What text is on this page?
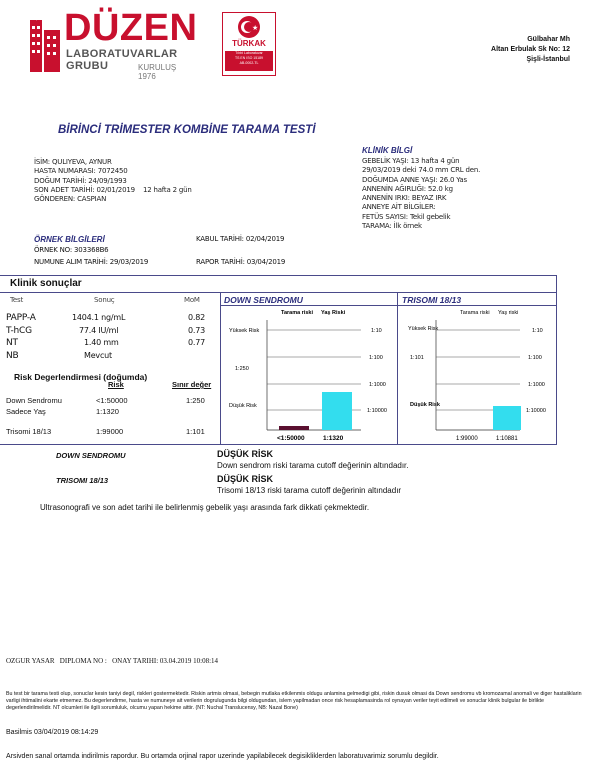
✦ DÜZEN
LABORATUVARLAR GRUBU	KURULUŞ 1976
★
TÜRKAK
Tıbbi Laboratuvar
TS EN ISO 15189
AB-0002-TL
Gülbahar Mh
Altan Erbulak Sk No: 12
Şişli-İstanbul
BİRİNCİ TRİMESTER KOMBİNE TARAMA TESTİ
İSİM: QULIYEVA, AYNUR
HASTA NUMARASI: 7072450
DOĞUM TARİHİ: 24/09/1993
SON ADET TARİHİ: 02/01/2019 12 hafta 2 gün
GÖNDEREN: CASPIAN
KLİNİK BİLGİ
GEBELİK YAŞI: 13 hafta 4 gün
29/03/2019 deki 74.0 mm CRL den.
DOĞUMDA ANNE YAŞI: 26.0 Yas
ANNENİN AĞIRLIĞI: 52.0 kg
ANNENİN IRKI: BEYAZ IRK
ANNEYE AİT BİLGİLER:
FETÜS SAYISI: Tekil gebelik
TARAMA: İlk örnek
ÖRNEK BİLGİLERİ
ÖRNEK NO: 303368B6
NUMUNE ALIM TARİHİ: 29/03/2019
KABUL TARİHİ: 02/04/2019
RAPOR TARİHİ: 03/04/2019
Klinik sonuçlar
Test	Sonuç	MoM
PAPP-A	1404.1 ng/mL	0.82
T-hCG	77.4 IU/ml	0.73
NT	1.40 mm	0.77
NB	Mevcut
Risk Degerlendirmesi (doğumda)
Risk	Sınır değer
Down Sendromu	<1:50000	1:250
Sadece Yaş	1:1320
Trisomi 18/13	1:99000	1:101
DOWN SENDROMU
Tarama riski Yaş Riski
Yüksek Risk
Düşük Risk
1:10
1:100
1:250
1:1000
1:10000
<1:50000	1:1320
TRISOMI 18/13
Tarama riski Yaş riski
Yüksek Risk
Düşük Risk
1:10
1:100
1:101
1:1000
1:10000
1:99000	1:10881
DOWN SENDROMU	DÜŞÜK RİSK
Down sendrom riski tarama cutoff değerinin altındadır.
TRISOMI 18/13	DÜŞÜK RİSK
Trisomi 18/13 riski tarama cutoff değerinin altındadır
Ultrasonografi ve son adet tarihi ile belirlenmiş gebelik yaşı arasında fark dikkati çekmektedir.
OZGUR YASAR   DIPLOMA NO :   ONAY TARIHI: 03.04.2019 10:08:14
Bu test bir tarama testi olup, sonuclar kesin taniyi degil, riskleri gostermektedir. Riskin artmis olmasi, bebegin mutlaka etkilenmis oldugu anlamina gelmedigi gibi, riskin dusuk olmasi da Down sendromu vb kromozamal anomali ve diger hastaliklarin varligi ihtimalini ekarte etmemez. Bu degerlendirme, hasta ve numuneye ait verilerin dogrulugunda bilgi oldugundan, islem yapilmadan once risk hesaplamasinda rol oynayan veriler teyit edilmeli ve sonuclar klinik bulgular ile birlikte degerlendirilmelidir. NT olcumleri ile ilgili sorumluluk, olcumu yapan hekime aittir. (NT: Nuchal Translucensy, NB: Nazal Bone)
Basilmis 03/04/2019 08:14:29
Arsivden sanal ortamda indirilmis rapordur. Bu ortamda orjinal rapor uzerinde yapilabilecek degisikliklerden laboratuvarimiz sorumlu degildir.
